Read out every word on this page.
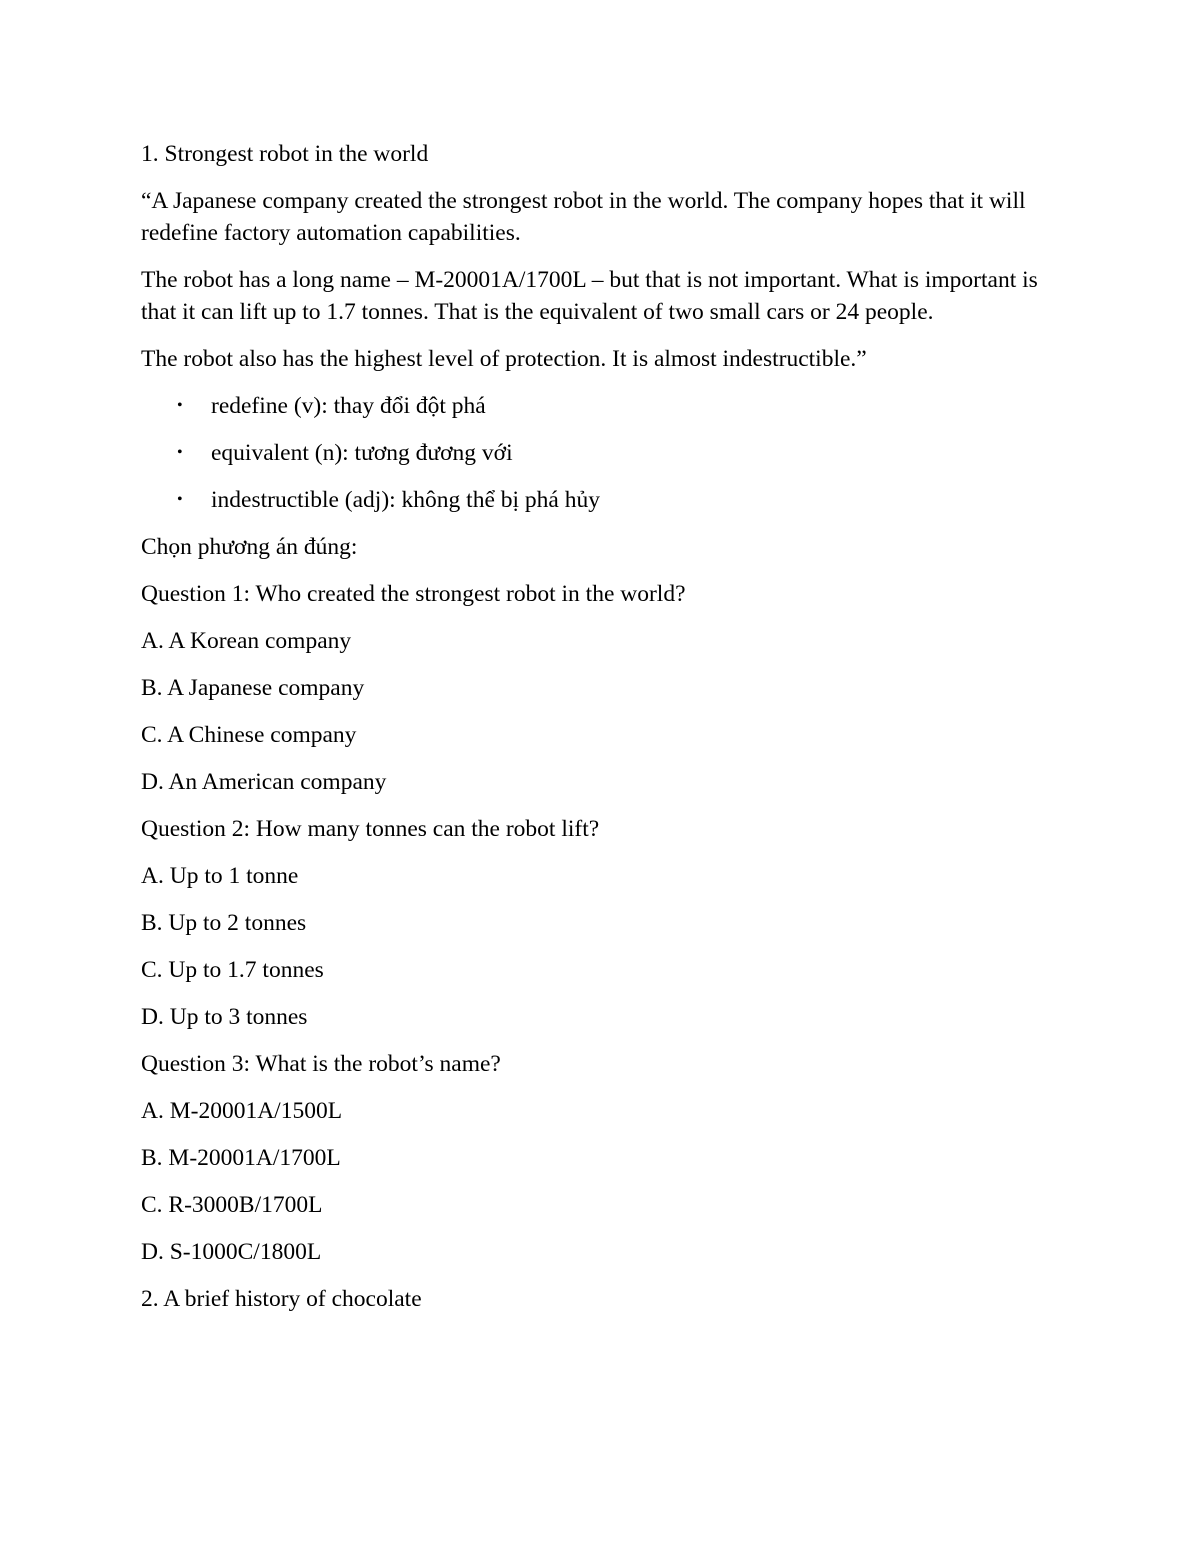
1. Strongest robot in the world

“A Japanese company created the strongest robot in the world. The company hopes that it will redefine factory automation capabilities.

The robot has a long name – M-20001A/1700L – but that is not important. What is important is that it can lift up to 1.7 tonnes. That is the equivalent of two small cars or 24 people.

The robot also has the highest level of protection. It is almost indestructible.”

• redefine (v): thay đổi đột phá
• equivalent (n): tương đương với
• indestructible (adj): không thể bị phá hủy

Chọn phương án đúng:

Question 1: Who created the strongest robot in the world?

A. A Korean company

B. A Japanese company

C. A Chinese company

D. An American company

Question 2: How many tonnes can the robot lift?

A. Up to 1 tonne

B. Up to 2 tonnes

C. Up to 1.7 tonnes

D. Up to 3 tonnes

Question 3: What is the robot’s name?

A. M-20001A/1500L

B. M-20001A/1700L

C. R-3000B/1700L

D. S-1000C/1800L

2. A brief history of chocolate
